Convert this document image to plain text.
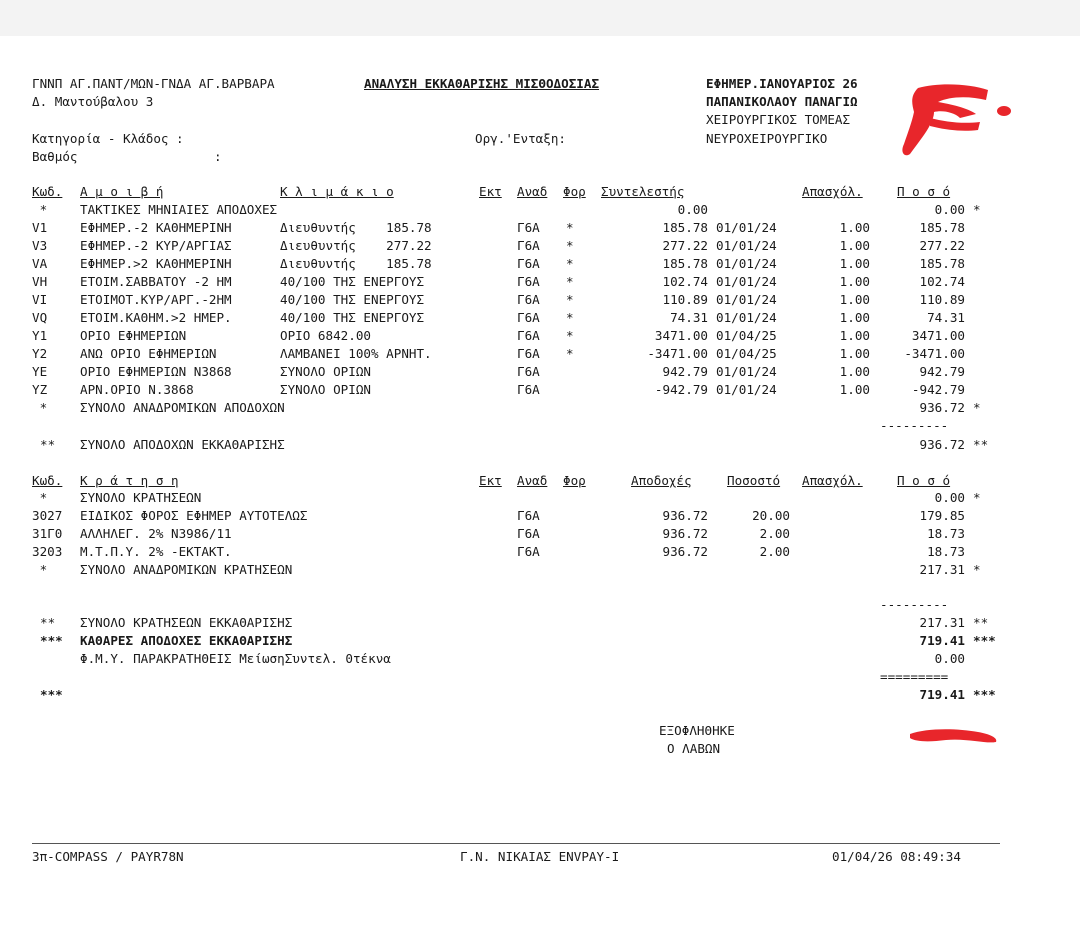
ΓΝΝΠ ΑΓ.ΠΑΝΤ/ΜΩΝ-ΓΝΔΑ ΑΓ.ΒΑΡΒΑΡΑ	ΑΝΑΛΥΣΗ ΕΚΚΑΘΑΡΙΣΗΣ ΜΙΣΘΟΔΟΣΙΑΣ	ΕΦΗΜΕΡ.ΙΑΝΟΥΑΡΙΟΣ 26
Δ. Μαντούβαλου 3	ΠΑΠΑΝΙΚΟΛΑΟΥ ΠΑΝΑΓΙΩ
ΧΕΙΡΟΥΡΓΙΚΟΣ ΤΟΜΕΑΣ
Κατηγορία - Κλάδος :	Οργ.'Ενταξη:	ΝΕΥΡΟΧΕΙΡΟΥΡΓΙΚΟ
Βαθμός	:
Κωδ. Α μ ο ι β ή	Κ λ ι μ ά κ ι ο	Εκτ Αναδ Φορ Συντελεστής	Απασχόλ.	Π ο σ ό
*	ΤΑΚΤΙΚΕΣ ΜΗΝΙΑΙΕΣ ΑΠΟΔΟΧΕΣ	0.00	0.00 *
V1	ΕΦΗΜΕΡ.-2 ΚΑΘΗΜΕΡΙΝΗ	Διευθυντής    185.78	Γ6Α *	185.78 01/01/24	1.00	185.78
V3	ΕΦΗΜΕΡ.-2 ΚΥΡ/ΑΡΓΙΑΣ	Διευθυντής    277.22	Γ6Α *	277.22 01/01/24	1.00	277.22
VA	ΕΦΗΜΕΡ.>2 ΚΑΘΗΜΕΡΙΝΗ	Διευθυντής    185.78	Γ6Α *	185.78 01/01/24	1.00	185.78
VH	ΕΤΟΙΜ.ΣΑΒΒΑΤΟΥ -2 ΗΜ	40/100 ΤΗΣ ΕΝΕΡΓΟΥΣ	Γ6Α *	102.74 01/01/24	1.00	102.74
VI	ΕΤΟΙΜΟΤ.ΚΥΡ/ΑΡΓ.-2ΗΜ	40/100 ΤΗΣ ΕΝΕΡΓΟΥΣ	Γ6Α *	110.89 01/01/24	1.00	110.89
VQ	ΕΤΟΙΜ.ΚΑΘΗΜ.>2 ΗΜΕΡ.	40/100 ΤΗΣ ΕΝΕΡΓΟΥΣ	Γ6Α *	74.31 01/01/24	1.00	74.31
Y1	ΟΡΙΟ ΕΦΗΜΕΡΙΩΝ	ΟΡΙΟ 6842.00	Γ6Α *	3471.00 01/04/25	1.00	3471.00
Y2	ΑΝΩ ΟΡΙΟ ΕΦΗΜΕΡΙΩΝ	ΛΑΜΒΑΝΕΙ 100% ΑΡΝΗΤ.	Γ6Α *	-3471.00 01/04/25	1.00	-3471.00
YE	ΟΡΙΟ ΕΦΗΜΕΡΙΩΝ Ν3868	ΣΥΝΟΛΟ ΟΡΙΩΝ	Γ6Α	942.79 01/01/24	1.00	942.79
YZ	ΑΡΝ.ΟΡΙΟ Ν.3868	ΣΥΝΟΛΟ ΟΡΙΩΝ	Γ6Α	-942.79 01/01/24	1.00	-942.79
*	ΣΥΝΟΛΟ ΑΝΑΔΡΟΜΙΚΩΝ ΑΠΟΔΟΧΩΝ	936.72 *
---------
** ΣΥΝΟΛΟ ΑΠΟΔΟΧΩΝ ΕΚΚΑΘΑΡΙΣΗΣ	936.72 **
Κωδ. Κ ρ ά τ η σ η	Εκτ Αναδ Φορ	Αποδοχές	Ποσοστό Απασχόλ.	Π ο σ ό
*	ΣΥΝΟΛΟ ΚΡΑΤΗΣΕΩΝ	0.00 *
3027 ΕΙΔΙΚΟΣ ΦΟΡΟΣ ΕΦΗΜΕΡ ΑΥΤΟΤΕΛΩΣ	Γ6Α	936.72	20.00	179.85
31Γ0 ΑΛΛΗΛΕΓ. 2% Ν3986/11	Γ6Α	936.72	2.00	18.73
3203 Μ.Τ.Π.Υ. 2% -ΕΚΤΑΚΤ.	Γ6Α	936.72	2.00	18.73
*	ΣΥΝΟΛΟ ΑΝΑΔΡΟΜΙΚΩΝ ΚΡΑΤΗΣΕΩΝ	217.31 *
---------
** ΣΥΝΟΛΟ ΚΡΑΤΗΣΕΩΝ ΕΚΚΑΘΑΡΙΣΗΣ	217.31 **
*** ΚΑΘΑΡΕΣ ΑΠΟΔΟΧΕΣ ΕΚΚΑΘΑΡΙΣΗΣ	719.41 ***
Φ.Μ.Υ. ΠΑΡΑΚΡΑΤΗΘΕΙΣ ΜείωσηΣυντελ. 0τέκνα	0.00
=========
***	719.41 ***
ΕΞΟΦΛΗΘΗΚΕ
Ο ΛΑΒΩΝ
3π-COMPASS / PAYR78N	Γ.Ν. ΝΙΚΑΙΑΣ ENVPAY-I	01/04/26 08:49:34
